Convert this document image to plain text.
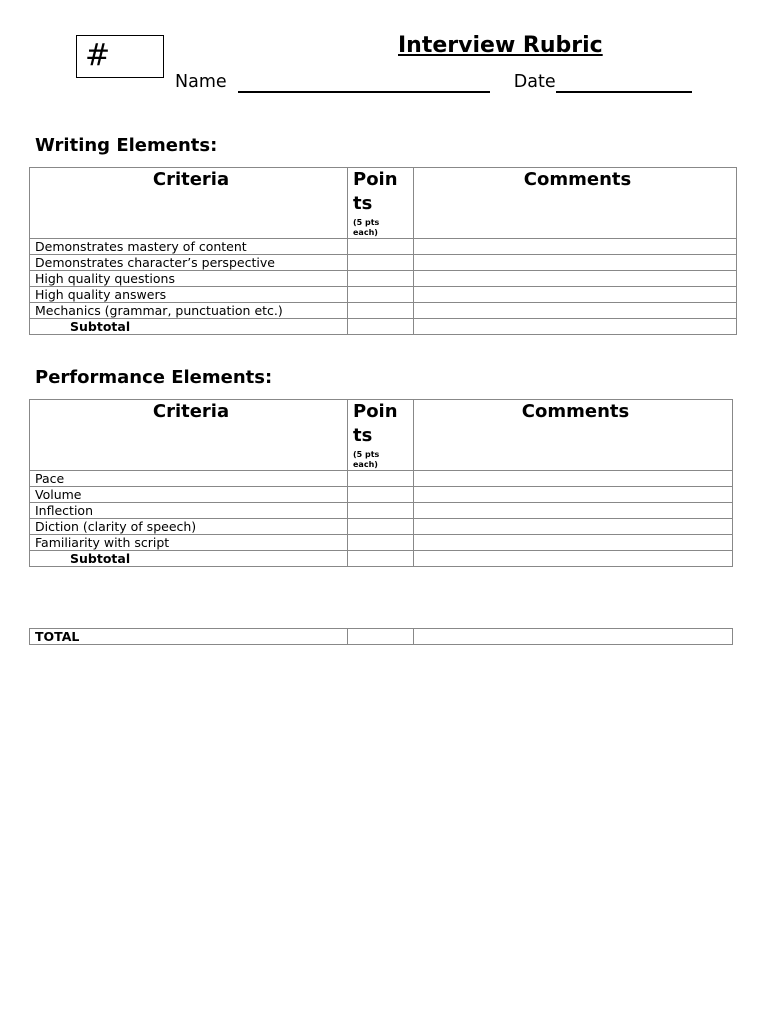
#	Interview Rubric
Name	Date
Writing Elements:
Criteria	Poin
ts
(5 pts
each)	Comments
Demonstrates mastery of content		
Demonstrates character’s perspective		
High quality questions		
High quality answers		
Mechanics (grammar, punctuation etc.)		
Subtotal		
Performance Elements:
Criteria	Poin
ts
(5 pts
each)	Comments
Pace		
Volume		
Inflection		
Diction (clarity of speech)		
Familiarity with script		
Subtotal		
TOTAL		
